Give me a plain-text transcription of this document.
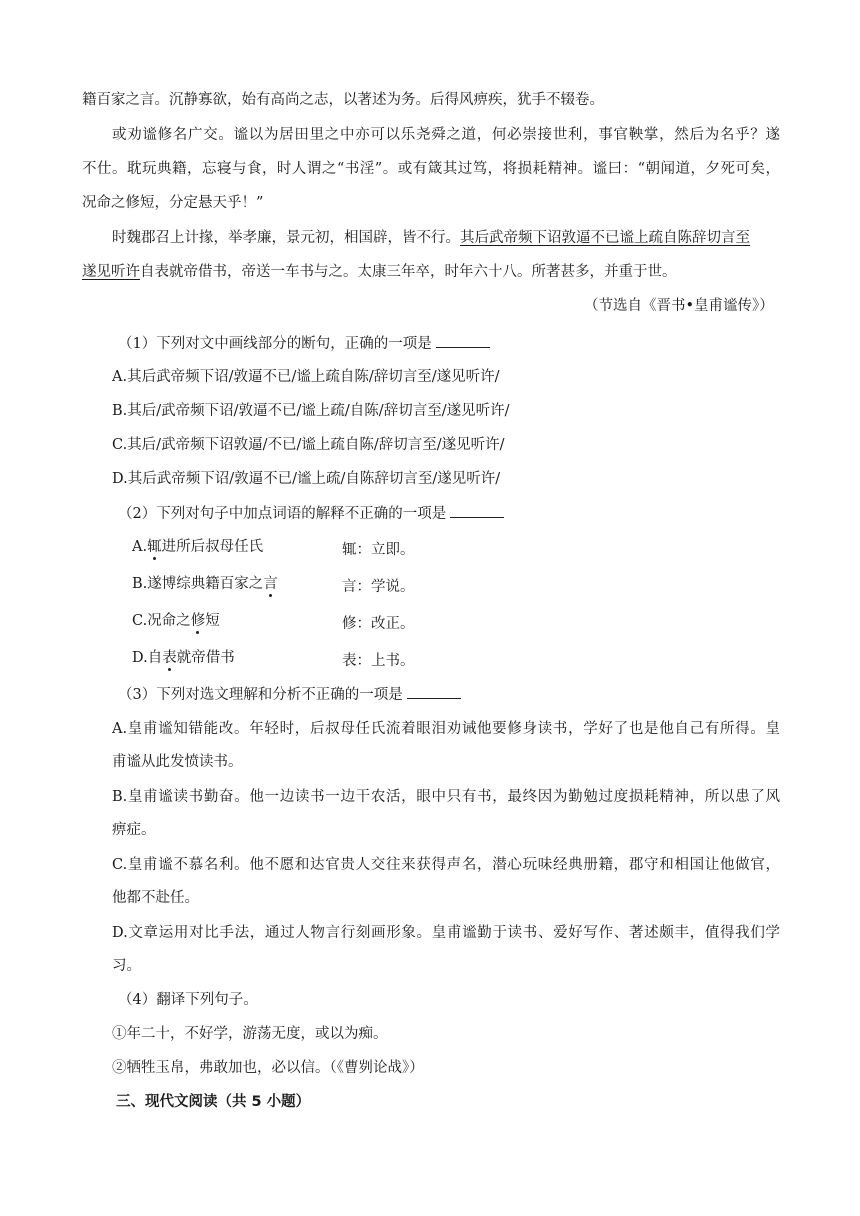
籍百家之言。沉静寡欲，始有高尚之志，以著述为务。后得风痹疾，犹手不辍卷。
或劝谧修名广交。谧以为居田里之中亦可以乐尧舜之道，何必崇接世利，事官鞅掌，然后为名乎？遂
不仕。耽玩典籍，忘寝与食，时人谓之“书淫”。或有箴其过笃，将损耗精神。谧曰：“朝闻道，夕死可矣，
况命之修短，分定悬天乎！”
时魏郡召上计掾，举孝廉，景元初，相国辟，皆不行。其后武帝频下诏敦逼不已谧上疏自陈辞切言至
遂见听许自表就帝借书，帝送一车书与之。太康三年卒，时年六十八。所著甚多，并重于世。
（节选自《晋书•皇甫谧传》）
（1）下列对文中画线部分的断句，正确的一项是
A.其后武帝频下诏/敦逼不已/谧上疏自陈/辞切言至/遂见听许/
B.其后/武帝频下诏/敦逼不已/谧上疏/自陈/辞切言至/遂见听许/
C.其后/武帝频下诏敦逼/不已/谧上疏自陈/辞切言至/遂见听许/
D.其后武帝频下诏/敦逼不已/谧上疏/自陈辞切言至/遂见听许/
（2）下列对句子中加点词语的解释不正确的一项是
A.辄进所后叔母任氏	辄：立即。
B.遂博综典籍百家之言	言：学说。
C.况命之修短	修：改正。
D.自表就帝借书	表：上书。
（3）下列对选文理解和分析不正确的一项是
A.皇甫谧知错能改。年轻时，后叔母任氏流着眼泪劝诫他要修身读书，学好了也是他自己有所得。皇
甫谧从此发愤读书。
B.皇甫谧读书勤奋。他一边读书一边干农活，眼中只有书，最终因为勤勉过度损耗精神，所以患了风
痹症。
C.皇甫谧不慕名利。他不愿和达官贵人交往来获得声名，潜心玩味经典册籍，郡守和相国让他做官，
他都不赴任。
D.文章运用对比手法，通过人物言行刻画形象。皇甫谧勤于读书、爱好写作、著述颇丰，值得我们学
习。
（4）翻译下列句子。
①年二十，不好学，游荡无度，或以为痴。
②牺牲玉帛，弗敢加也，必以信。（《曹刿论战》）
三、现代文阅读（共 5 小题）
